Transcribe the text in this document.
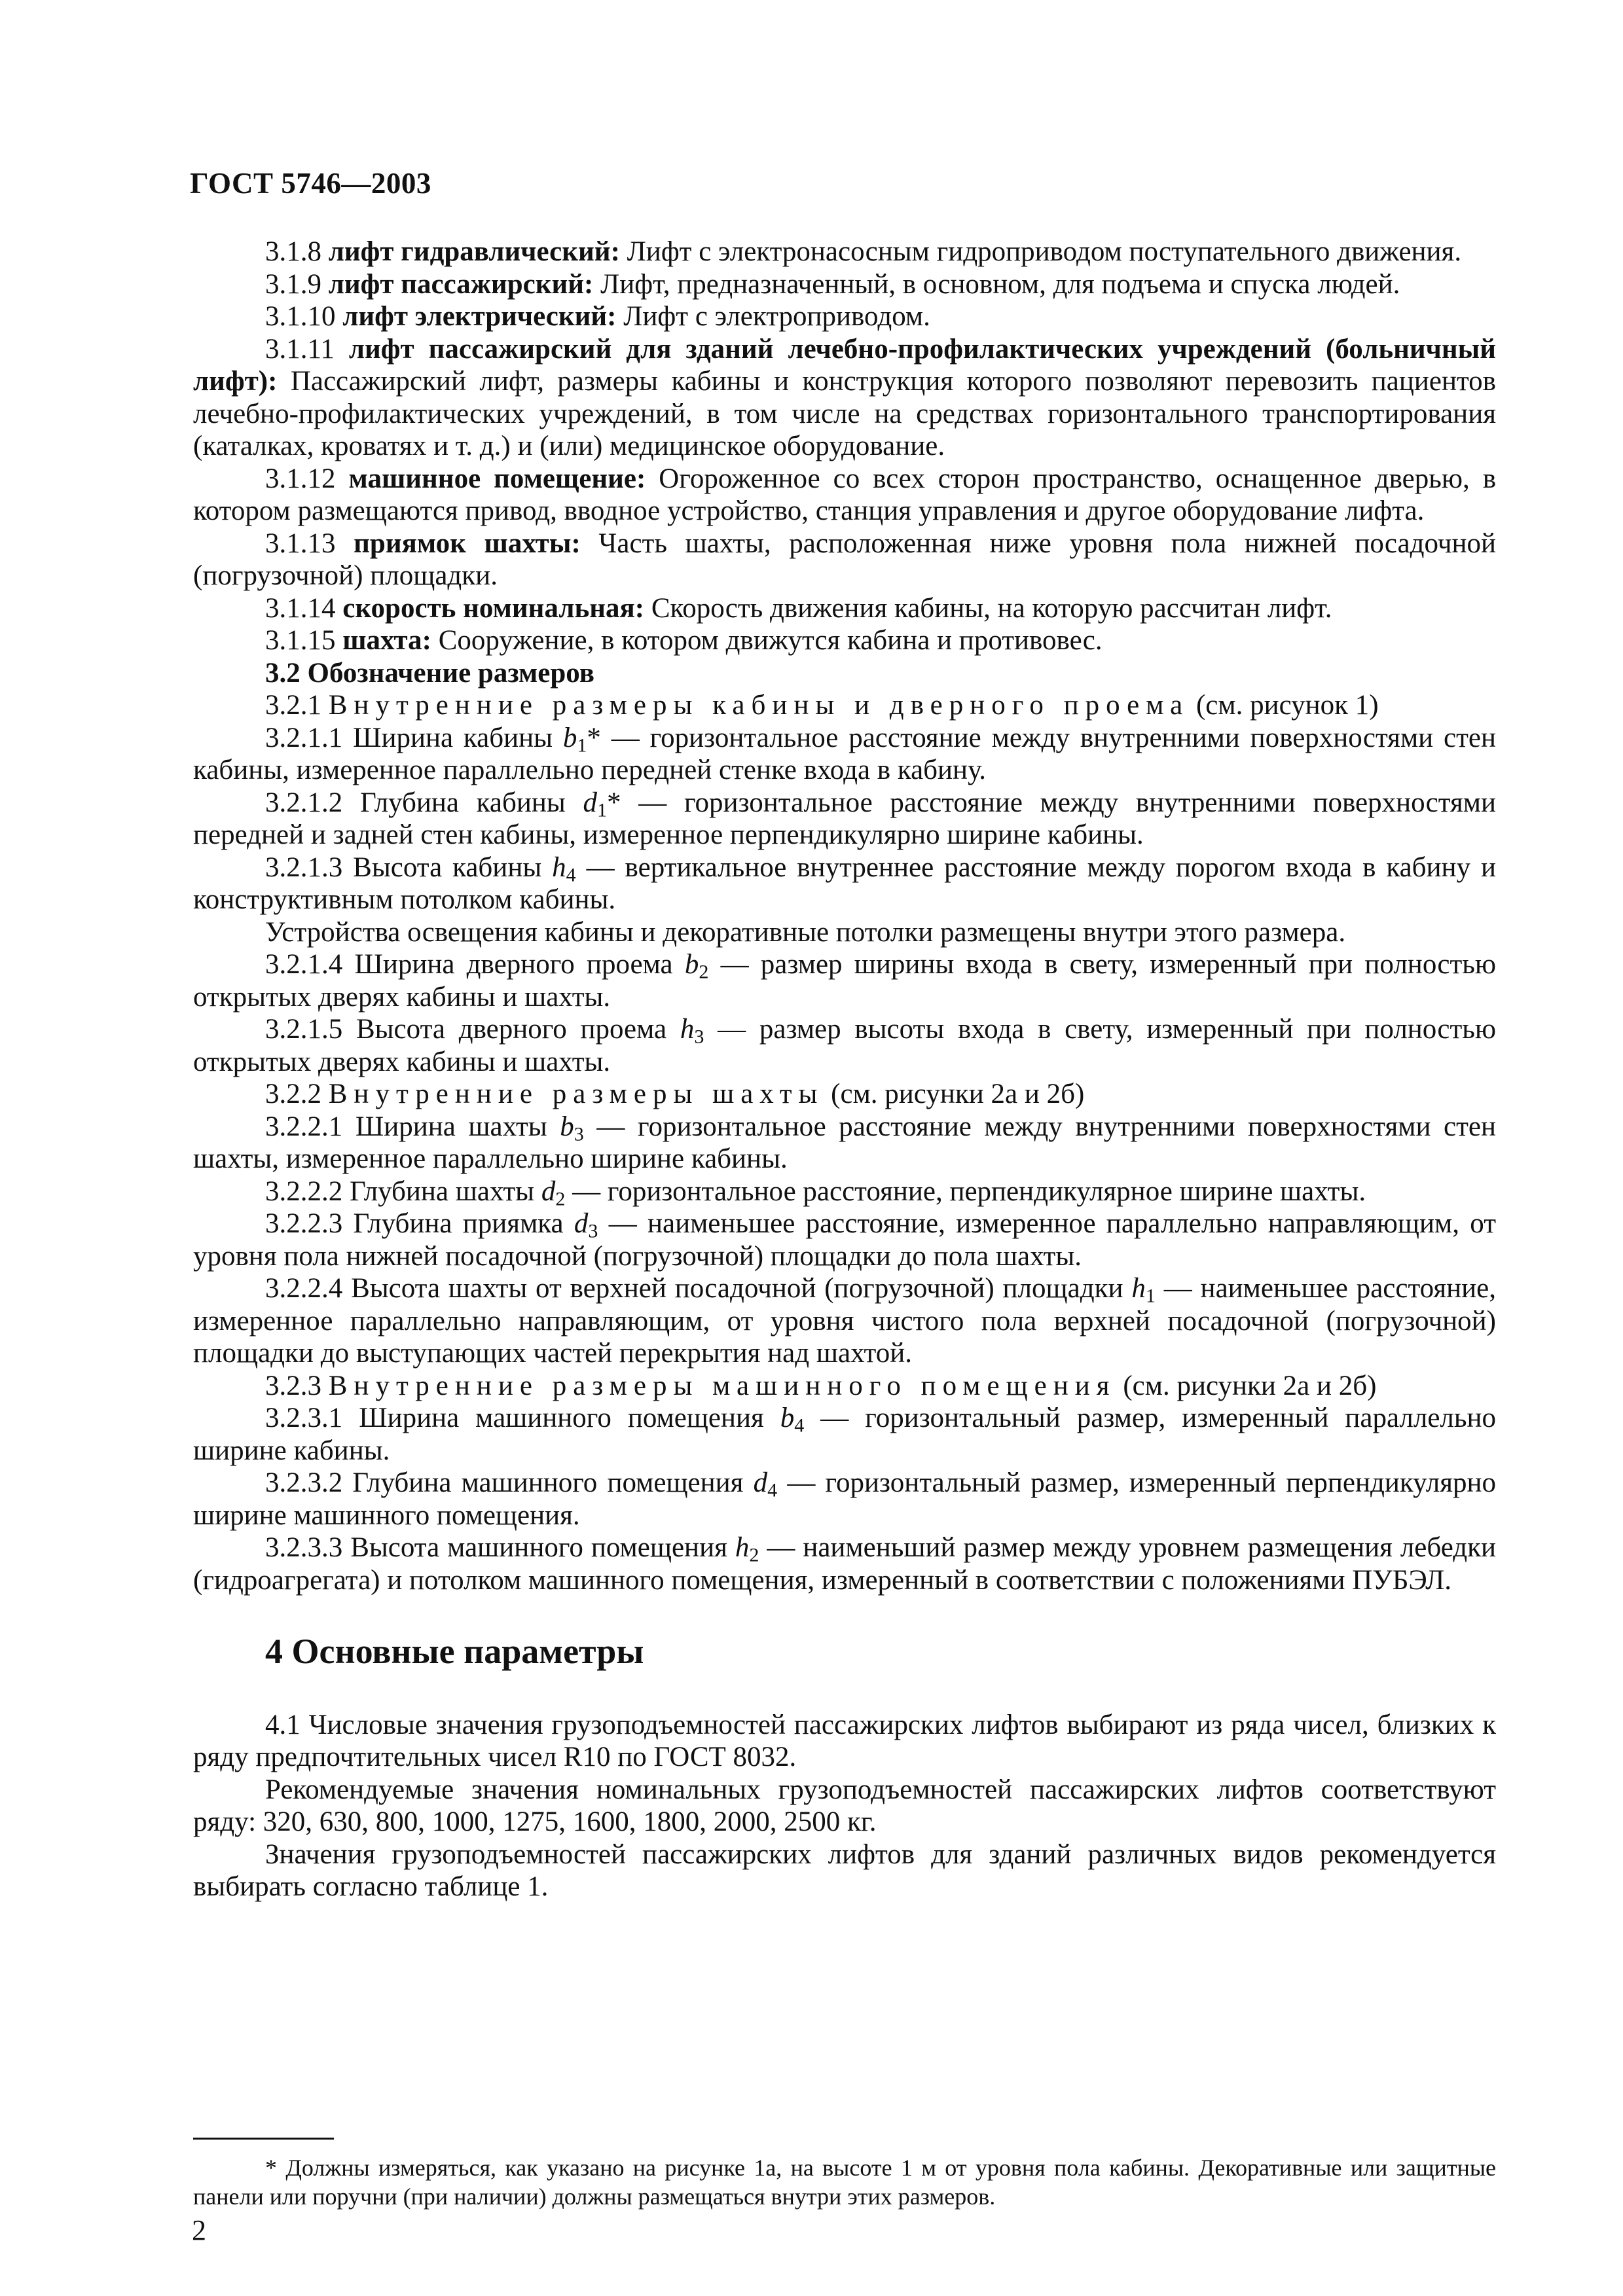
ГОСТ 5746—2003

3.1.8 лифт гидравлический: Лифт с электронасосным гидроприводом поступательного движения.

3.1.9 лифт пассажирский: Лифт, предназначенный, в основном, для подъема и спуска людей.

3.1.10 лифт электрический: Лифт с электроприводом.

3.1.11 лифт пассажирский для зданий лечебно-профилактических учреждений (больничный лифт): Пассажирский лифт, размеры кабины и конструкция которого позволяют перевозить пациентов лечебно-профилактических учреждений, в том числе на средствах горизонтального транспортирования (каталках, кроватях и т. д.) и (или) медицинское оборудование.

3.1.12 машинное помещение: Огороженное со всех сторон пространство, оснащенное дверью, в котором размещаются привод, вводное устройство, станция управления и другое оборудование лифта.

3.1.13 приямок шахты: Часть шахты, расположенная ниже уровня пола нижней посадочной (погрузочной) площадки.

3.1.14 скорость номинальная: Скорость движения кабины, на которую рассчитан лифт.

3.1.15 шахта: Сооружение, в котором движутся кабина и противовес.

3.2 Обозначение размеров

3.2.1 Внутренние размеры кабины и дверного проема (см. рисунок 1)

3.2.1.1 Ширина кабины $b_1*$ — горизонтальное расстояние между внутренними поверхностями стен кабины, измеренное параллельно передней стенке входа в кабину.

3.2.1.2 Глубина кабины $d_1*$ — горизонтальное расстояние между внутренними поверхностями передней и задней стен кабины, измеренное перпендикулярно ширине кабины.

3.2.1.3 Высота кабины $h_4$ — вертикальное внутреннее расстояние между порогом входа в кабину и конструктивным потолком кабины.

Устройства освещения кабины и декоративные потолки размещены внутри этого размера.

3.2.1.4 Ширина дверного проема $b_2$ — размер ширины входа в свету, измеренный при полностью открытых дверях кабины и шахты.

3.2.1.5 Высота дверного проема $h_3$ — размер высоты входа в свету, измеренный при полностью открытых дверях кабины и шахты.

3.2.2 Внутренние размеры шахты (см. рисунки 2а и 2б)

3.2.2.1 Ширина шахты $b_3$ — горизонтальное расстояние между внутренними поверхностями стен шахты, измеренное параллельно ширине кабины.

3.2.2.2 Глубина шахты $d_2$ — горизонтальное расстояние, перпендикулярное ширине шахты.

3.2.2.3 Глубина приямка $d_3$ — наименьшее расстояние, измеренное параллельно направляющим, от уровня пола нижней посадочной (погрузочной) площадки до пола шахты.

3.2.2.4 Высота шахты от верхней посадочной (погрузочной) площадки $h_1$ — наименьшее расстояние, измеренное параллельно направляющим, от уровня чистого пола верхней посадочной (погрузочной) площадки до выступающих частей перекрытия над шахтой.

3.2.3 Внутренние размеры машинного помещения (см. рисунки 2а и 2б)

3.2.3.1 Ширина машинного помещения $b_4$ — горизонтальный размер, измеренный параллельно ширине кабины.

3.2.3.2 Глубина машинного помещения $d_4$ — горизонтальный размер, измеренный перпендикулярно ширине машинного помещения.

3.2.3.3 Высота машинного помещения $h_2$ — наименьший размер между уровнем размещения лебедки (гидроагрегата) и потолком машинного помещения, измеренный в соответствии с положениями ПУБЭЛ.

4 Основные параметры

4.1 Числовые значения грузоподъемностей пассажирских лифтов выбирают из ряда чисел, близких к ряду предпочтительных чисел R10 по ГОСТ 8032.

Рекомендуемые значения номинальных грузоподъемностей пассажирских лифтов соответствуют ряду: 320, 630, 800, 1000, 1275, 1600, 1800, 2000, 2500 кг.

Значения грузоподъемностей пассажирских лифтов для зданий различных видов рекомендуется выбирать согласно таблице 1.

* Должны измеряться, как указано на рисунке 1а, на высоте 1 м от уровня пола кабины. Декоративные или защитные панели или поручни (при наличии) должны размещаться внутри этих размеров.

2
